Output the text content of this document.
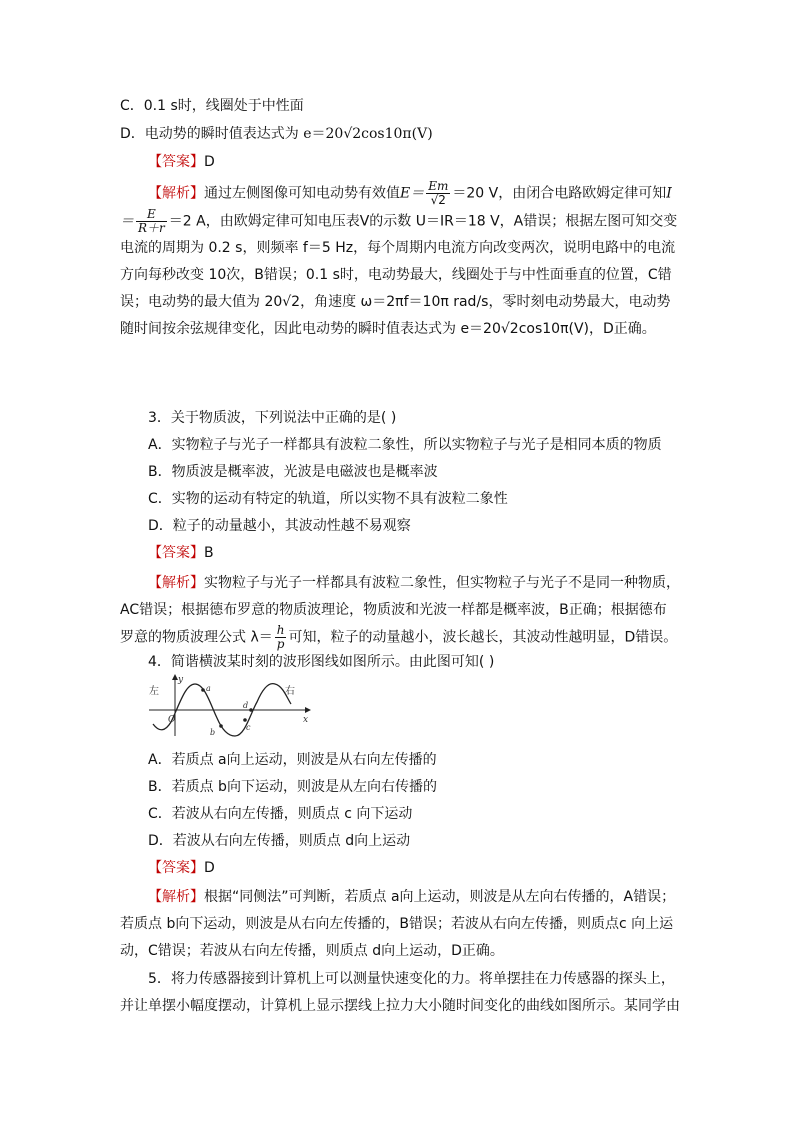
C．0.1 s时，线圈处于中性面
D．电动势的瞬时值表达式为 e＝20√2cos10π(V)
【答案】D
【解析】通过左侧图像可知电动势有效值$E= \frac{Em}{√2} =20$ V，由闭合电路欧姆定律可知$I= \frac{E}{R+r} =2$ A，由欧姆定律可知电压表V的示数 U＝IR＝18 V，A错误；根据左图可知交变电流的周期为 0.2 s，则频率 f＝5 Hz，每个周期内电流方向改变两次，说明电路中的电流方向每秒改变 10次，B错误；0.1 s时，电动势最大，线圈处于与中性面垂直的位置，C错误；电动势的最大值为 20√2，角速度 ω＝2πf＝10π rad/s，零时刻电动势最大，电动势随时间按余弦规律变化，因此电动势的瞬时值表达式为 e＝20√2cos10π(V)，D正确。
3．关于物质波，下列说法中正确的是( )
A．实物粒子与光子一样都具有波粒二象性，所以实物粒子与光子是相同本质的物质
B．物质波是概率波，光波是电磁波也是概率波
C．实物的运动有特定的轨道，所以实物不具有波粒二象性
D．粒子的动量越小，其波动性越不易观察
【答案】B
【解析】实物粒子与光子一样都具有波粒二象性，但实物粒子与光子不是同一种物质，AC错误；根据德布罗意的物质波理论，物质波和光波一样都是概率波，B正确；根据德布罗意的物质波理公式 $\lambda= \frac{h}{p}$ 可知，粒子的动量越小，波长越长，其波动性越明显，D错误。
4．简谐横波某时刻的波形图线如图所示。由此图可知( )
左	右
y
x
O
a
b
c
d
A．若质点 a向上运动，则波是从右向左传播的
B．若质点 b向下运动，则波是从左向右传播的
C．若波从右向左传播，则质点 c 向下运动
D．若波从右向左传播，则质点 d向上运动
【答案】D
【解析】根据“同侧法”可判断，若质点 a向上运动，则波是从左向右传播的，A错误；若质点 b向下运动，则波是从右向左传播的，B错误；若波从右向左传播，则质点c 向上运动，C错误；若波从右向左传播，则质点 d向上运动，D正确。
5．将力传感器接到计算机上可以测量快速变化的力。将单摆挂在力传感器的探头上，并让单摆小幅度摆动，计算机上显示摆线上拉力大小随时间变化的曲线如图所示。某同学由
